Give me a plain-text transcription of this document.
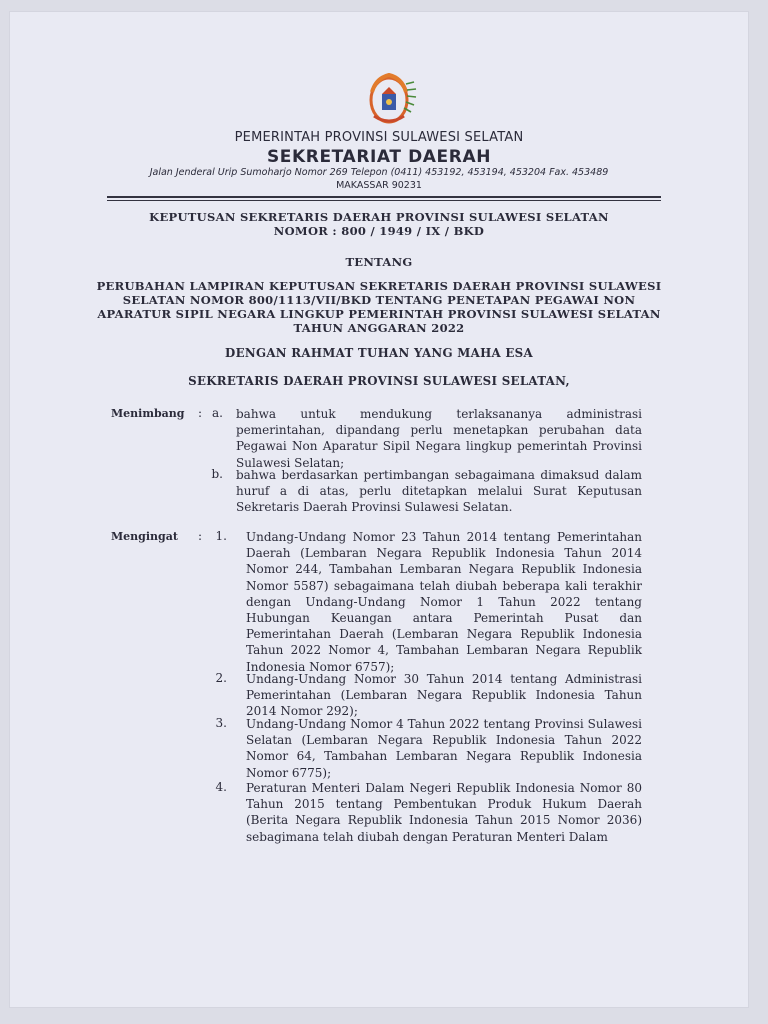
PEMERINTAH PROVINSI SULAWESI SELATAN
SEKRETARIAT DAERAH
Jalan Jenderal Urip Sumoharjo Nomor 269 Telepon (0411) 453192, 453194, 453204 Fax. 453489
MAKASSAR 90231
KEPUTUSAN SEKRETARIS DAERAH PROVINSI SULAWESI SELATAN
NOMOR : 800 / 1949 / IX / BKD
TENTANG
PERUBAHAN LAMPIRAN KEPUTUSAN SEKRETARIS DAERAH PROVINSI SULAWESI
SELATAN NOMOR 800/1113/VII/BKD TENTANG PENETAPAN PEGAWAI NON
APARATUR SIPIL NEGARA LINGKUP PEMERINTAH PROVINSI SULAWESI SELATAN
TAHUN ANGGARAN 2022
DENGAN RAHMAT TUHAN YANG MAHA ESA
SEKRETARIS DAERAH PROVINSI SULAWESI SELATAN,
Menimbang : a. bahwa untuk mendukung terlaksananya administrasi pemerintahan, dipandang perlu menetapkan perubahan data Pegawai Non Aparatur Sipil Negara lingkup pemerintah Provinsi Sulawesi Selatan;
b. bahwa berdasarkan pertimbangan sebagaimana dimaksud dalam huruf a di atas, perlu ditetapkan melalui Surat Keputusan Sekretaris Daerah Provinsi Sulawesi Selatan.
Mengingat :	1. Undang-Undang Nomor 23 Tahun 2014 tentang Pemerintahan Daerah (Lembaran Negara Republik Indonesia Tahun 2014 Nomor 244, Tambahan Lembaran Negara Republik Indonesia Nomor 5587) sebagaimana telah diubah beberapa kali terakhir dengan Undang-Undang Nomor 1 Tahun 2022 tentang Hubungan Keuangan antara Pemerintah Pusat dan Pemerintahan Daerah (Lembaran Negara Republik Indonesia Tahun 2022 Nomor 4, Tambahan Lembaran Negara Republik Indonesia Nomor 6757);
2. Undang-Undang Nomor 30 Tahun 2014 tentang Administrasi Pemerintahan (Lembaran Negara Republik Indonesia Tahun 2014 Nomor 292);
3. Undang-Undang Nomor 4 Tahun 2022 tentang Provinsi Sulawesi Selatan (Lembaran Negara Republik Indonesia Tahun 2022 Nomor 64, Tambahan Lembaran Negara Republik Indonesia Nomor 6775);
4. Peraturan Menteri Dalam Negeri Republik Indonesia Nomor 80 Tahun 2015 tentang Pembentukan Produk Hukum Daerah (Berita Negara Republik Indonesia Tahun 2015 Nomor 2036) sebagimana telah diubah dengan Peraturan Menteri Dalam
